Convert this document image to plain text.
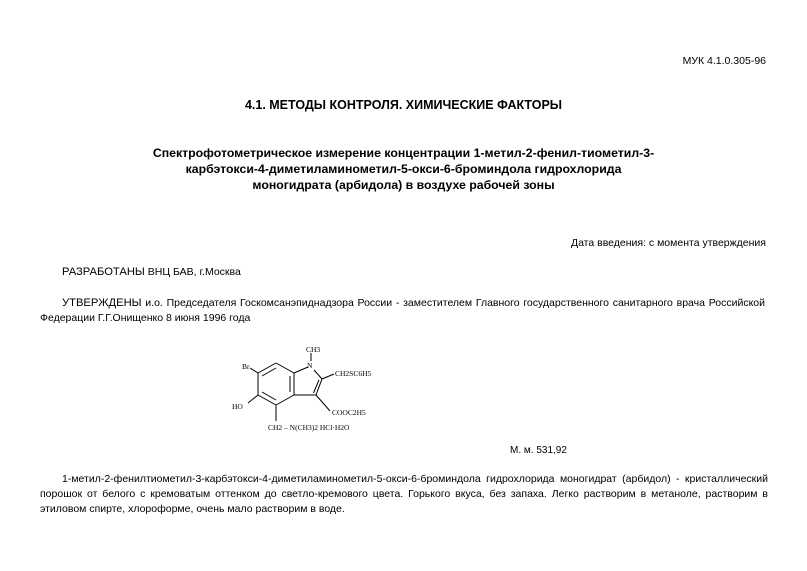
МУК 4.1.0.305-96
4.1. МЕТОДЫ КОНТРОЛЯ. ХИМИЧЕСКИЕ ФАКТОРЫ
Спектрофотометрическое измерение концентрации 1-метил-2-фенил-тиометил-3-
карбэтокси-4-диметиламинометил-5-окси-6-броминдола гидрохлорида
моногидрата (арбидола) в воздухе рабочей зоны
Дата введения: с момента утверждения
РАЗРАБОТАНЫ ВНЦ БАВ, г.Москва
УТВЕРЖДЕНЫ и.о. Председателя Госкомсанэпиднадзора России - заместителем Главного государственного санитарного врача Российской Федерации Г.Г.Онищенко 8 июня 1996 года
CH3
N
Br
HO
CH2SC6H5
COOC2H5
CH2 – N(CH3)2 HCl·H2O
М. м. 531,92
1-метил-2-фенилтиометил-3-карбэтокси-4-диметиламинометил-5-окси-6-броминдола гидрохлорида моногидрат (арбидол) - кристаллический порошок от белого с кремоватым оттенком до светло-кремового цвета. Горького вкуса, без запаха. Легко растворим в метаноле, растворим в этиловом спирте, хлороформе, очень мало растворим в воде.
